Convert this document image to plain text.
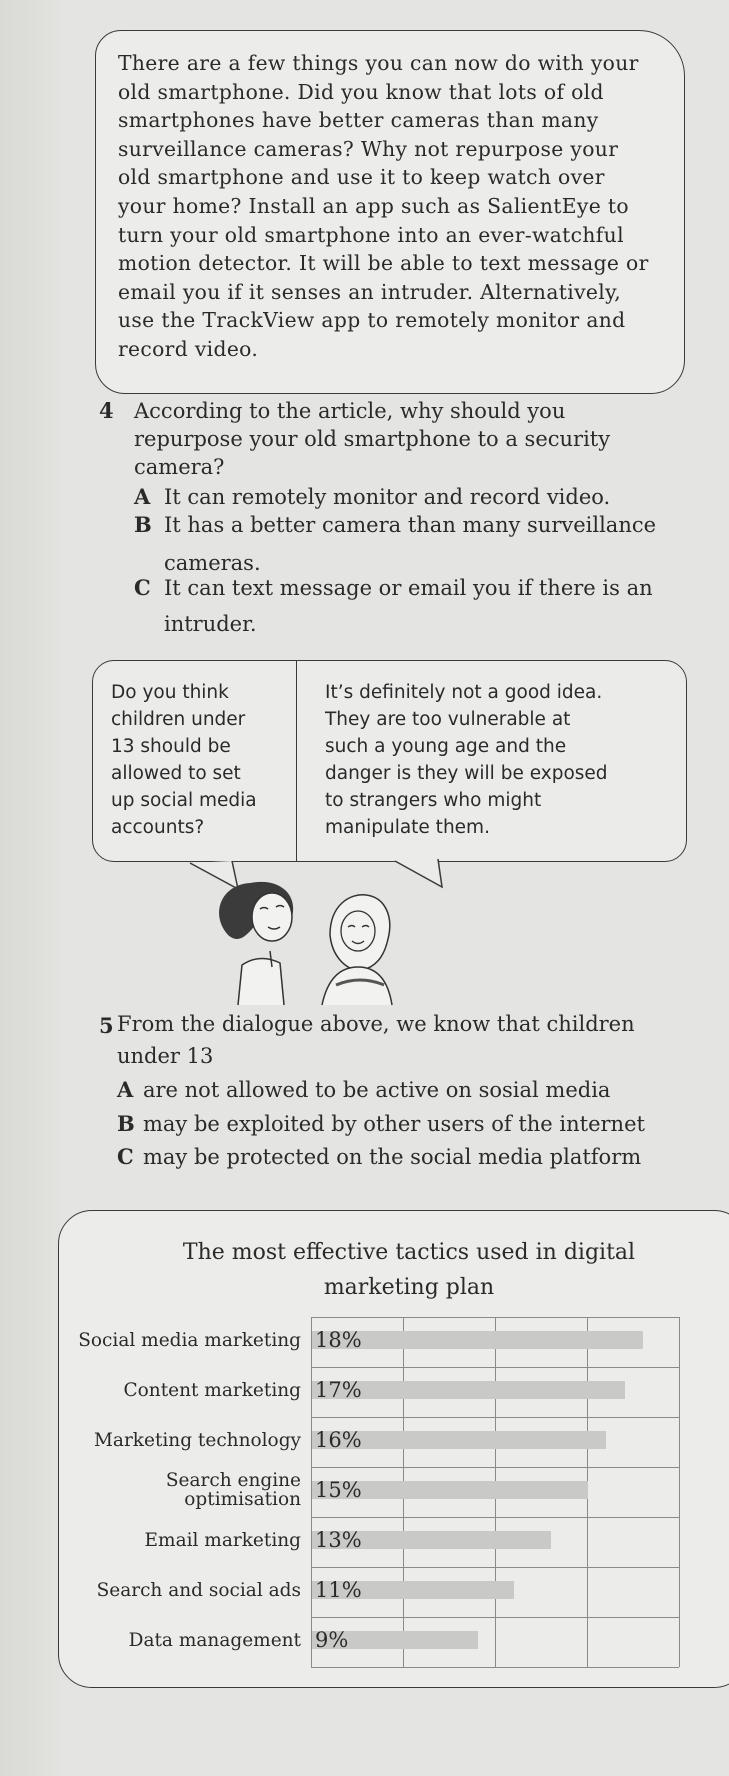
There are a few things you can now do with your

old smartphone. Did you know that lots of old

smartphones have better cameras than many

surveillance cameras? Why not repurpose your

old smartphone and use it to keep watch over

your home? Install an app such as SalientEye to

turn your old smartphone into an ever-watchful

motion detector. It will be able to text message or

email you if it senses an intruder. Alternatively,

use the TrackView app to remotely monitor and

record video.

4 According to the article, why should you
repurpose your old smartphone to a security
camera?
A It can remotely monitor and record video.
B It has a better camera than many surveillance
cameras.
C It can text message or email you if there is an
intruder.
Do you think
children under
13 should be
allowed to set
up social media
accounts?
It’s definitely not a good idea.
They are too vulnerable at
such a young age and the
danger is they will be exposed
to strangers who might
manipulate them.
5 From the dialogue above, we know that children
under 13
A are not allowed to be active on sosial media
B may be exploited by other users of the internet
C may be protected on the social media platform
The most effective tactics used in digital
marketing plan
18%
Social media marketing
17%
Content marketing
16%
Marketing technology
15%
Search engine
optimisation
13%
Email marketing
11%
Search and social ads
9%
Data management
